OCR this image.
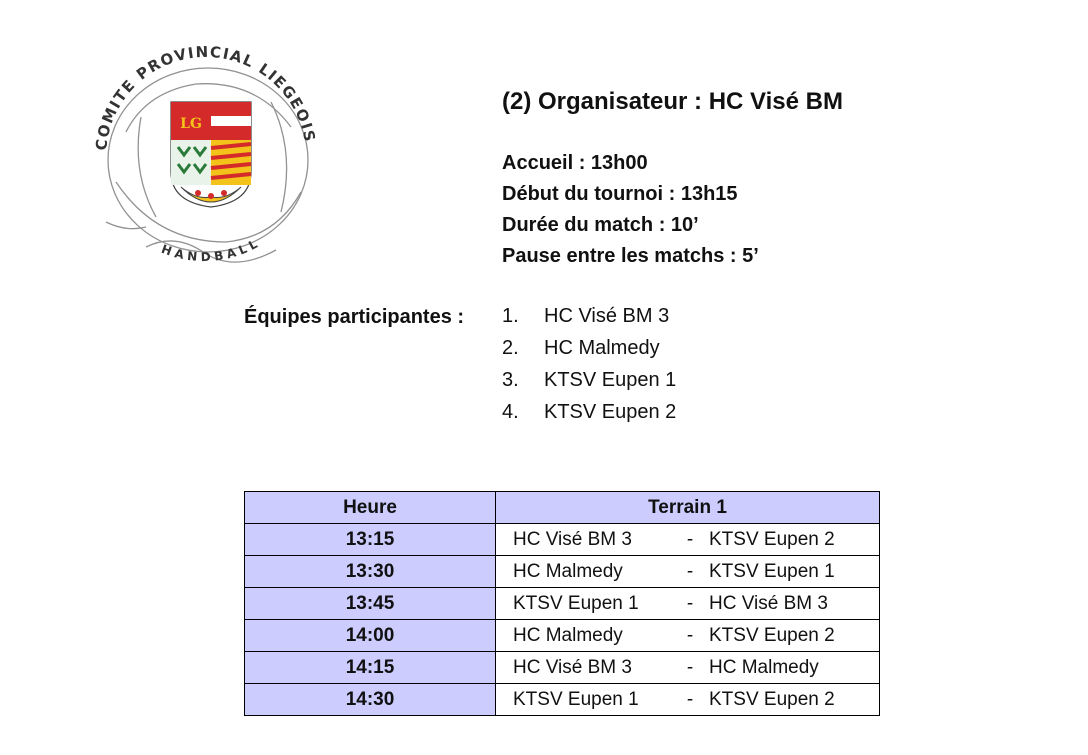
COMITE PROVINCIAL LIEGEOIS
HANDBALL
LG
(2) Organisateur : HC Visé BM
Accueil : 13h00
Début du tournoi : 13h15
Durée du match : 10’
Pause entre les matchs : 5’
Équipes participantes : 1. HC Visé BM 3
2. HC Malmedy
3. KTSV Eupen 1
4. KTSV Eupen 2
Heure	Terrain 1
13:15	HC Visé BM 3 - KTSV Eupen 2

13:30	HC Malmedy - KTSV Eupen 1

13:45	KTSV Eupen 1 - HC Visé BM 3

14:00	HC Malmedy - KTSV Eupen 2

14:15	HC Visé BM 3 - HC Malmedy

14:30	KTSV Eupen 1 - KTSV Eupen 2
